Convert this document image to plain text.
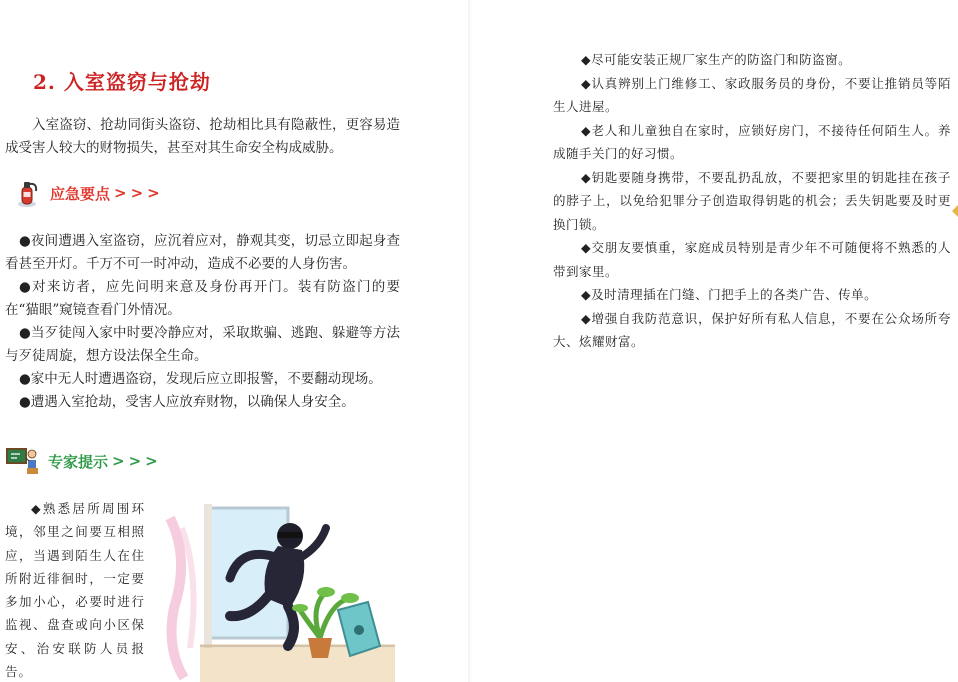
2. 入室盗窃与抢劫

入室盗窃、抢劫同街头盗窃、抢劫相比具有隐蔽性，更容易造成受害人较大的财物损失，甚至对其生命安全构成威胁。

应急要点 >>>
●夜间遭遇入室盗窃，应沉着应对，静观其变，切忌立即起身查看甚至开灯。千万不可一时冲动，造成不必要的人身伤害。
●对来访者，应先问明来意及身份再开门。装有防盗门的要在“猫眼”窥镜查看门外情况。
●当歹徒闯入家中时要冷静应对，采取欺骗、逃跑、躲避等方法与歹徒周旋，想方设法保全生命。
●家中无人时遭遇盗窃，发现后应立即报警，不要翻动现场。
●遭遇入室抢劫，受害人应放弃财物，以确保人身安全。
专家提示 >>>
◆熟悉居所周围环境，邻里之间要互相照应，当遇到陌生人在住所附近徘徊时，一定要多加小心，必要时进行监视、盘查或向小区保安、治安联防人员报告。
◆尽可能安装正规厂家生产的防盗门和防盗窗。
◆认真辨别上门维修工、家政服务员的身份，不要让推销员等陌生人进屋。
◆老人和儿童独自在家时，应锁好房门，不接待任何陌生人。养成随手关门的好习惯。
◆钥匙要随身携带，不要乱扔乱放，不要把家里的钥匙挂在孩子的脖子上，以免给犯罪分子创造取得钥匙的机会；丢失钥匙要及时更换门锁。
◆交朋友要慎重，家庭成员特别是青少年不可随便将不熟悉的人带到家里。
◆及时清理插在门缝、门把手上的各类广告、传单。
◆增强自我防范意识，保护好所有私人信息，不要在公众场所夸大、炫耀财富。
